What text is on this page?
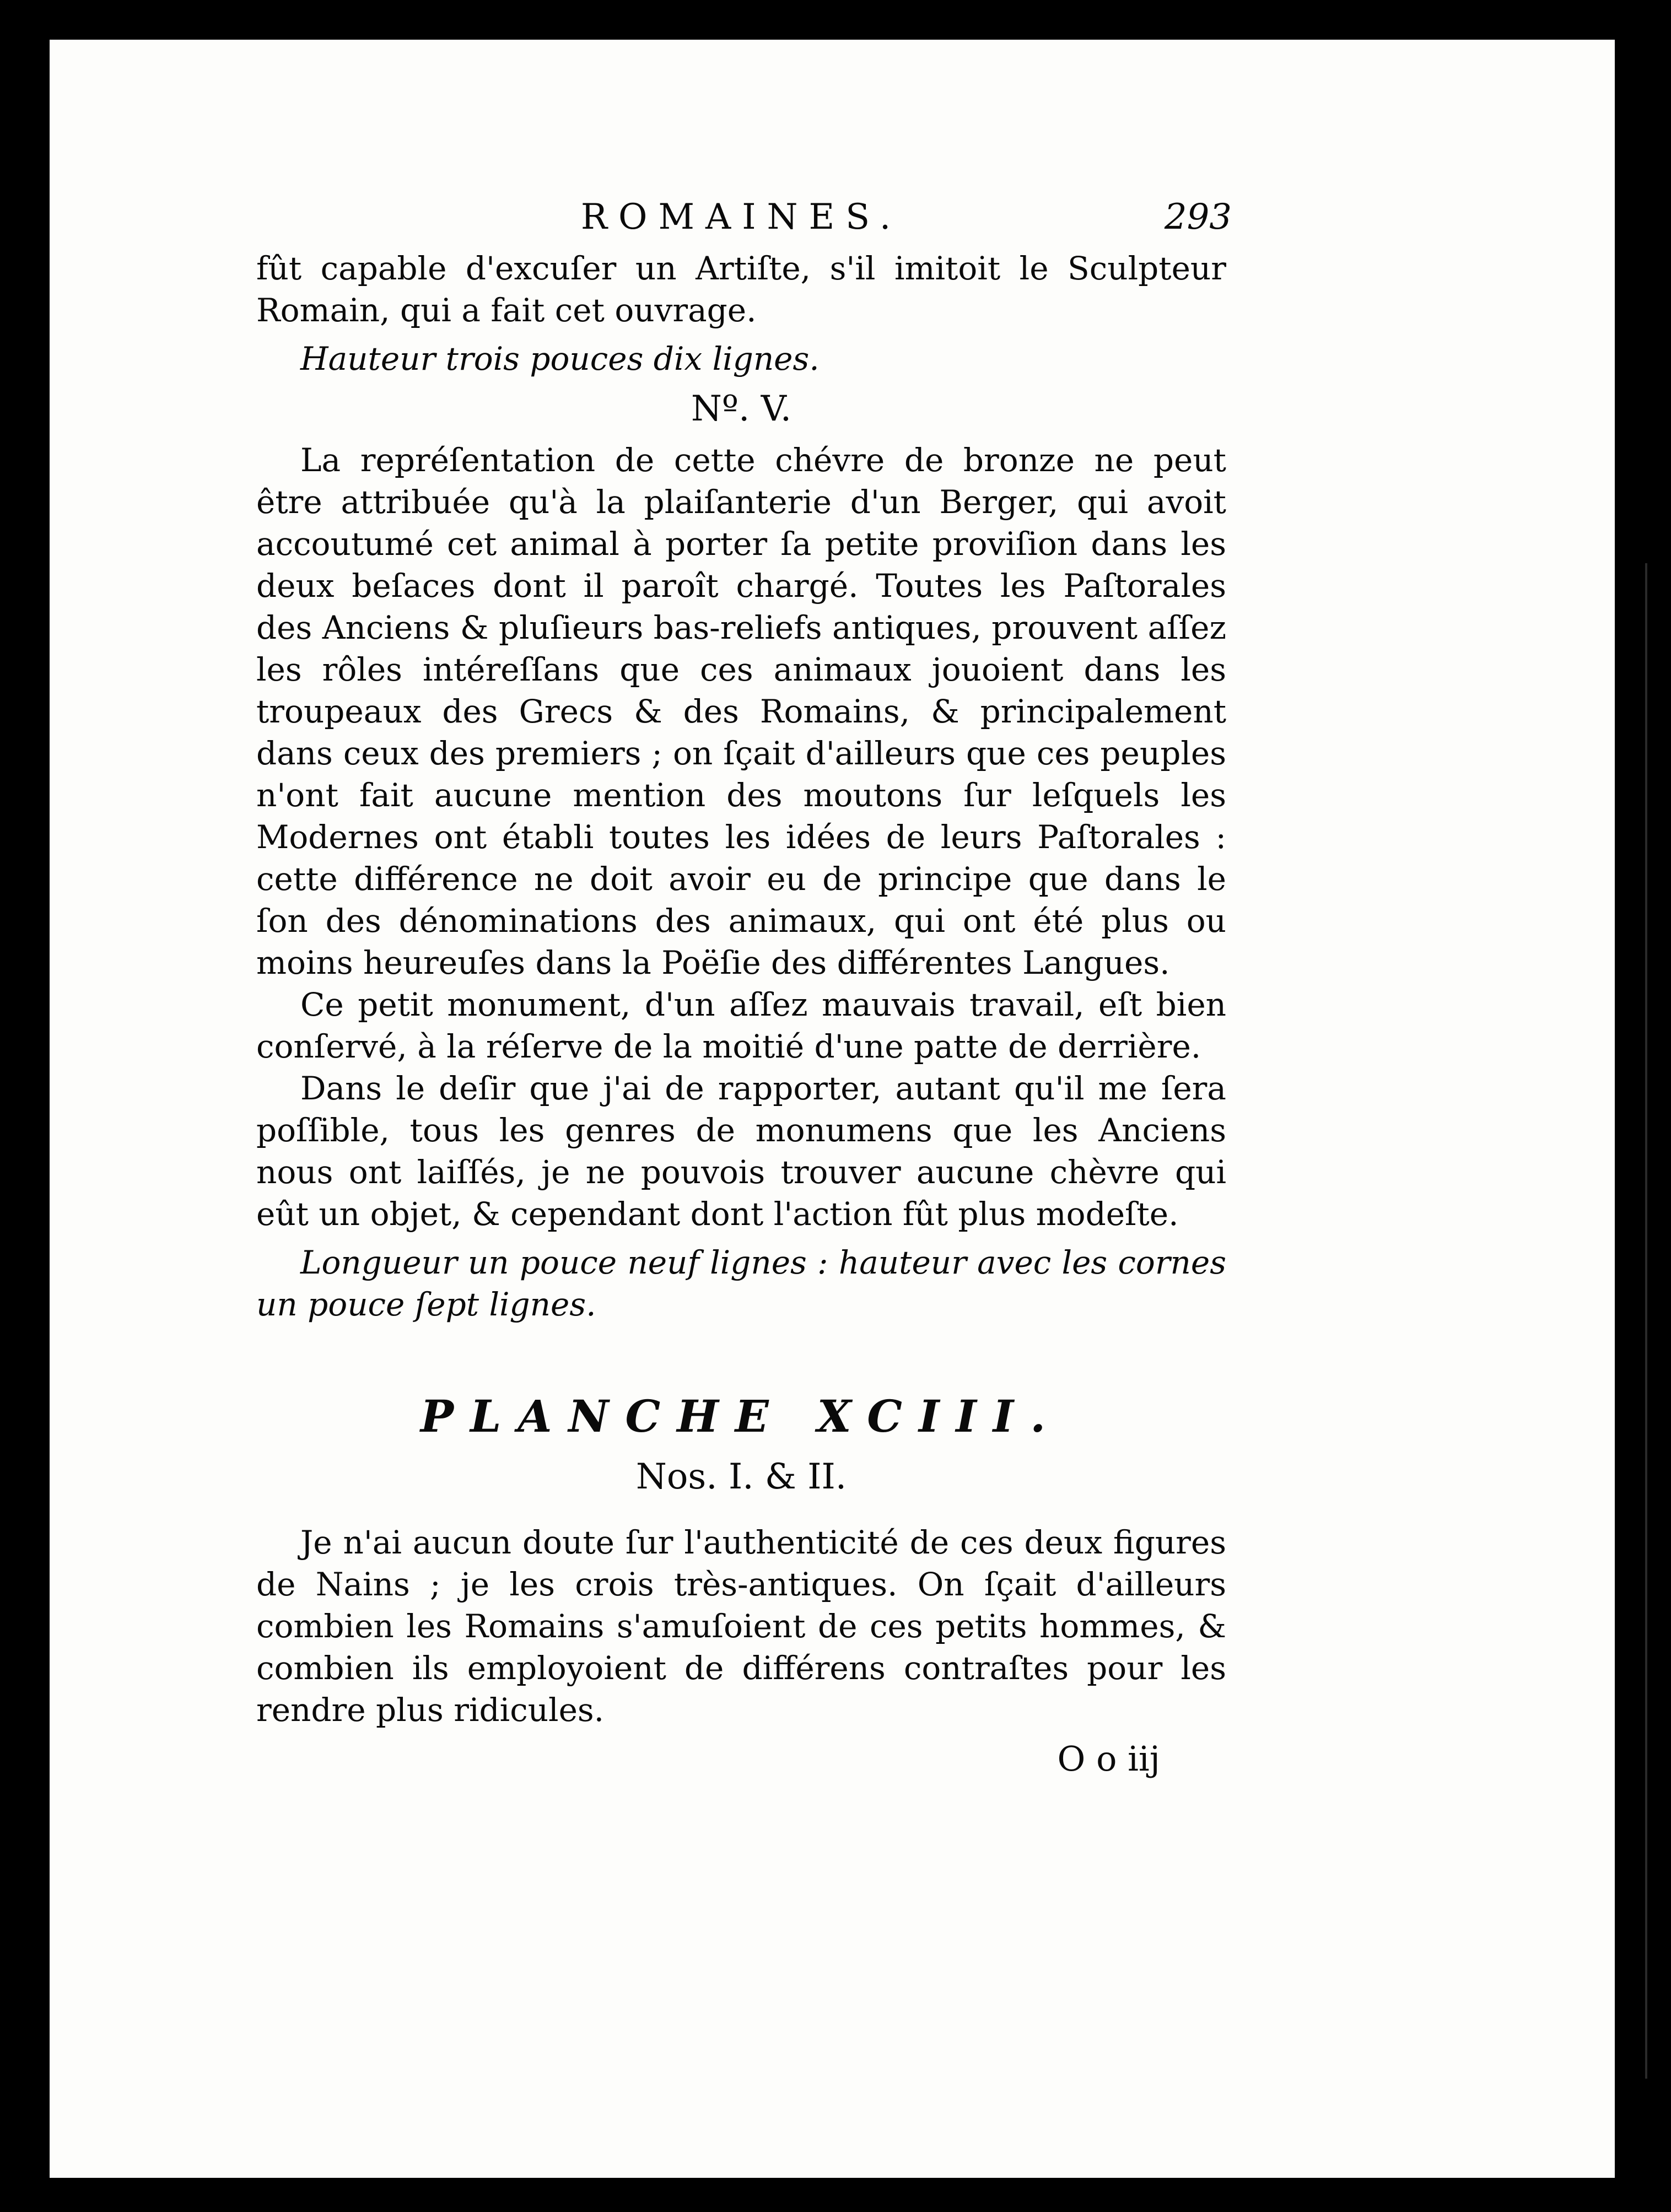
ROMAINES.	293

fût capable d'excuſer un Artiſte, s'il imitoit le Sculpteur Romain, qui a fait cet ouvrage.

Hauteur trois pouces dix lignes.

Nº. V.

La repréſentation de cette chévre de bronze ne peut être attribuée qu'à la plaiſanterie d'un Berger, qui avoit accoutumé cet animal à porter ſa petite proviſion dans les deux beſaces dont il paroît chargé. Toutes les Paſtorales des Anciens & pluſieurs bas-reliefs antiques, prouvent aſſez les rôles intéreſſans que ces animaux jouoient dans les troupeaux des Grecs & des Romains, & principalement dans ceux des premiers ; on ſçait d'ailleurs que ces peuples n'ont fait aucune mention des moutons ſur leſquels les Modernes ont établi toutes les idées de leurs Paſtorales : cette différence ne doit avoir eu de principe que dans le ſon des dénominations des animaux, qui ont été plus ou moins heureuſes dans la Poëſie des différentes Langues.

Ce petit monument, d'un aſſez mauvais travail, eſt bien conſervé, à la réſerve de la moitié d'une patte de derrière.

Dans le deſir que j'ai de rapporter, autant qu'il me ſera poſſible, tous les genres de monumens que les Anciens nous ont laiſſés, je ne pouvois trouver aucune chèvre qui eût un objet, & cependant dont l'action fût plus modeſte.

Longueur un pouce neuf lignes : hauteur avec les cornes un pouce ſept lignes.

PLANCHE XCIII.
Nos. I. & II.

Je n'ai aucun doute ſur l'authenticité de ces deux figures de Nains ; je les crois très-antiques. On ſçait d'ailleurs combien les Romains s'amuſoient de ces petits hommes, & combien ils employoient de différens contraſtes pour les rendre plus ridicules.

O o iij
